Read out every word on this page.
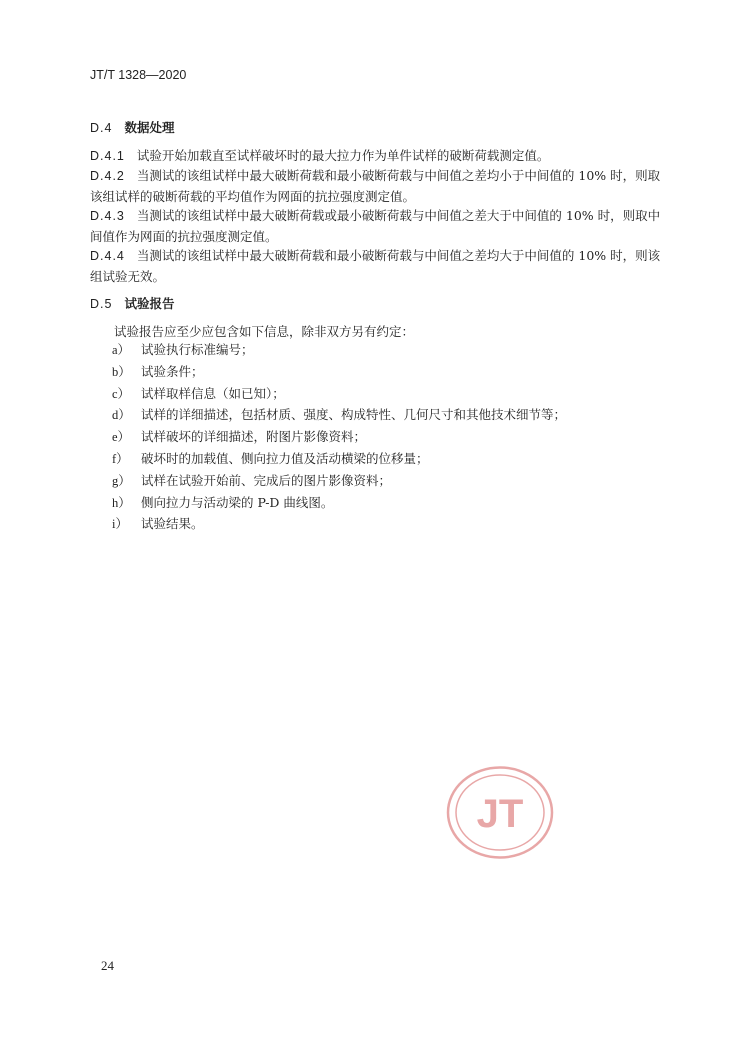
JT/T 1328—2020
D.4 数据处理
D.4.1 试验开始加载直至试样破坏时的最大拉力作为单件试样的破断荷载测定值。
D.4.2 当测试的该组试样中最大破断荷载和最小破断荷载与中间值之差均小于中间值的 10% 时，则取该组试样的破断荷载的平均值作为网面的抗拉强度测定值。
D.4.3 当测试的该组试样中最大破断荷载或最小破断荷载与中间值之差大于中间值的 10% 时，则取中间值作为网面的抗拉强度测定值。
D.4.4 当测试的该组试样中最大破断荷载和最小破断荷载与中间值之差均大于中间值的 10% 时，则该组试验无效。
D.5 试验报告
试验报告应至少应包含如下信息，除非双方另有约定：
a） 试验执行标准编号；
b） 试验条件；
c） 试样取样信息（如已知）；
d） 试样的详细描述，包括材质、强度、构成特性、几何尺寸和其他技术细节等；
e） 试样破坏的详细描述，附图片影像资料；
f） 破坏时的加载值、侧向拉力值及活动横梁的位移量；
g） 试样在试验开始前、完成后的图片影像资料；
h） 侧向拉力与活动梁的 P-D 曲线图。
i）	试验结果。
JT
24
